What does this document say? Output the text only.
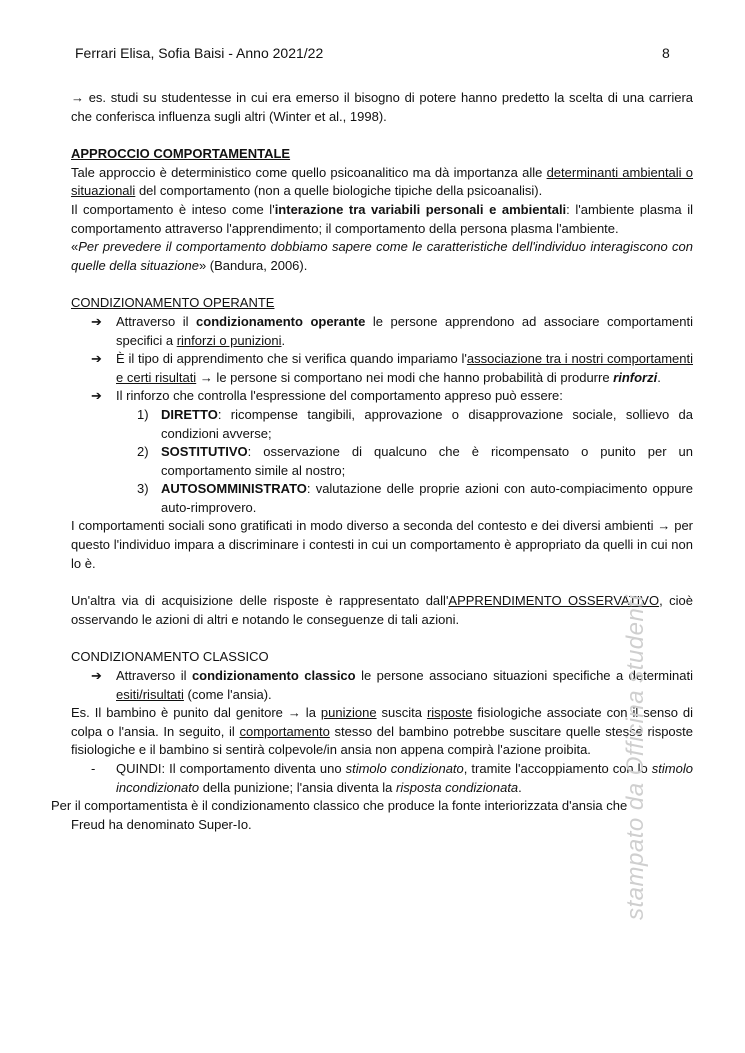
Ferrari Elisa, Sofia Baisi - Anno 2021/22	8

→ es. studi su studentesse in cui era emerso il bisogno di potere hanno predetto la scelta di una carriera che conferisca influenza sugli altri (Winter et al., 1998).

APPROCCIO COMPORTAMENTALE

Tale approccio è deterministico come quello psicoanalitico ma dà importanza alle determinanti ambientali o situazionali del comportamento (non a quelle biologiche tipiche della psicoanalisi).

Il comportamento è inteso come l'interazione tra variabili personali e ambientali: l'ambiente plasma il comportamento attraverso l'apprendimento; il comportamento della persona plasma l'ambiente.

«Per prevedere il comportamento dobbiamo sapere come le caratteristiche dell'individuo interagiscono con quelle della situazione» (Bandura, 2006).

CONDIZIONAMENTO OPERANTE

➔ Attraverso il condizionamento operante le persone apprendono ad associare comportamenti specifici a rinforzi o punizioni.
➔ È il tipo di apprendimento che si verifica quando impariamo l'associazione tra i nostri comportamenti e certi risultati → le persone si comportano nei modi che hanno probabilità di produrre rinforzi.
➔ Il rinforzo che controlla l'espressione del comportamento appreso può essere:
1) DIRETTO: ricompense tangibili, approvazione o disapprovazione sociale, sollievo da condizioni avverse;
2) SOSTITUTIVO: osservazione di qualcuno che è ricompensato o punito per un comportamento simile al nostro;
3) AUTOSOMMINISTRATO: valutazione delle proprie azioni con auto-compiacimento oppure auto-rimprovero.

I comportamenti sociali sono gratificati in modo diverso a seconda del contesto e dei diversi ambienti → per questo l'individuo impara a discriminare i contesti in cui un comportamento è appropriato da quelli in cui non lo è.

Un'altra via di acquisizione delle risposte è rappresentato dall'APPRENDIMENTO OSSERVATIVO, cioè osservando le azioni di altri e notando le conseguenze di tali azioni.

CONDIZIONAMENTO CLASSICO

➔ Attraverso il condizionamento classico le persone associano situazioni specifiche a determinati esiti/risultati (come l'ansia).

Es. Il bambino è punito dal genitore → la punizione suscita risposte fisiologiche associate con il senso di colpa o l'ansia. In seguito, il comportamento stesso del bambino potrebbe suscitare quelle stesse risposte fisiologiche e il bambino si sentirà colpevole/in ansia non appena compirà l'azione proibita.

- QUINDI: Il comportamento diventa uno stimolo condizionato, tramite l'accoppiamento con lo stimolo incondizionato della punizione; l'ansia diventa la risposta condizionata.

Per il comportamentista è il condizionamento classico che produce la fonte interiorizzata d'ansia che
Freud ha denominato Super-Io.	stampato da Officina studenti
